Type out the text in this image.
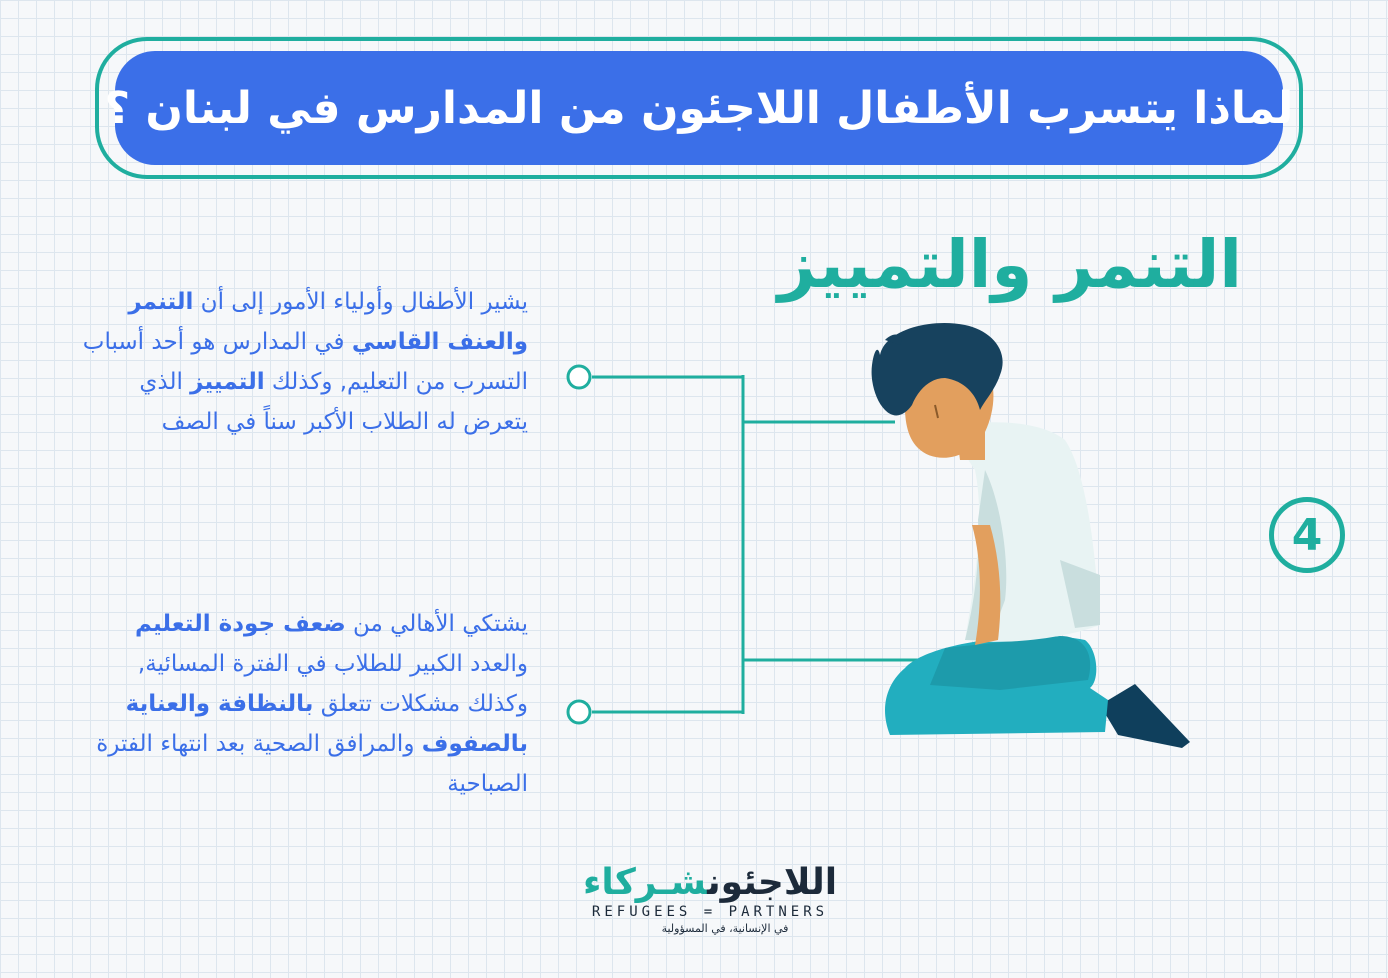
لماذا يتسرب الأطفال اللاجئون من المدارس في لبنان ؟
التنمر والتمييز
يشير الأطفال وأولياء الأمور إلى أن التنمر والعنف القاسي في المدارس هو أحد أسباب التسرب من التعليم, وكذلك التمييز الذي يتعرض له الطلاب الأكبر سناً في الصف
يشتكي الأهالي من ضعف جودة التعليم والعدد الكبير للطلاب في الفترة المسائية, وكذلك مشكلات تتعلق بالنظافة والعناية بالصفوف والمرافق الصحية بعد انتهاء الفترة الصباحية
4
اللاجئونشـركاء
REFUGEES = PARTNERS
في الإنسانية، في المسؤولية
